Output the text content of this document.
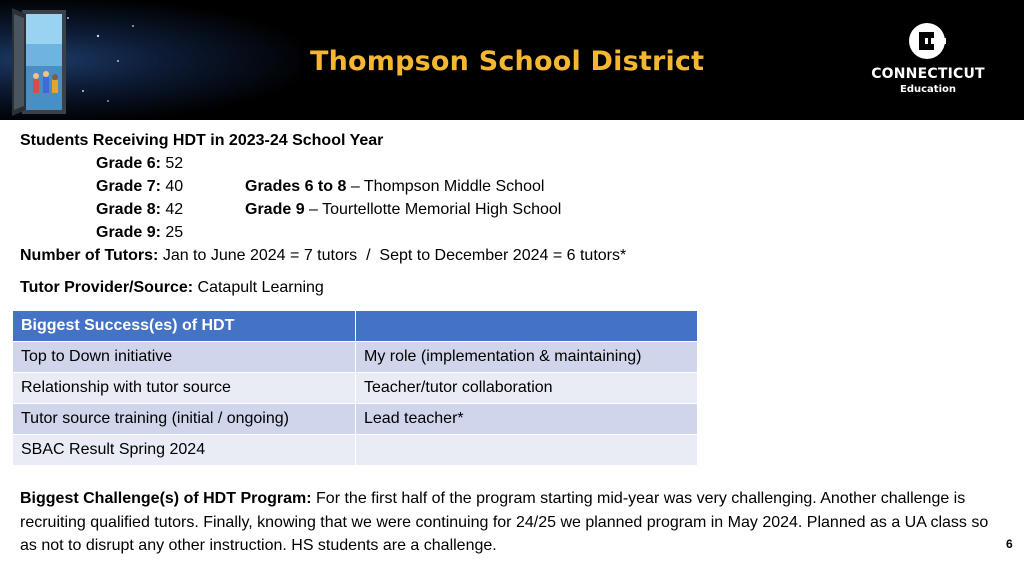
Thompson School District	CONNECTICUT
Education
Students Receiving HDT in 2023-24 School Year
Grade 6: 52
Grade 7: 40
Grade 8: 42
Grade 9: 25
Grades 6 to 8 – Thompson Middle School
Grade 9 – Tourtellotte Memorial High School
Number of Tutors: Jan to June 2024 = 7 tutors  /  Sept to December 2024 = 6 tutors*
Tutor Provider/Source: Catapult Learning
Biggest Success(es) of HDT	
Top to Down initiative	My role (implementation & maintaining)
Relationship with tutor source	Teacher/tutor collaboration
Tutor source training (initial / ongoing)	Lead teacher*
SBAC Result Spring 2024	
Biggest Challenge(s) of HDT Program: For the first half of the program starting mid-year was very challenging. Another challenge is recruiting qualified tutors. Finally, knowing that we were continuing for 24/25 we planned program in May 2024. Planned as a UA class so as not to disrupt any other instruction. HS students are a challenge.	6
